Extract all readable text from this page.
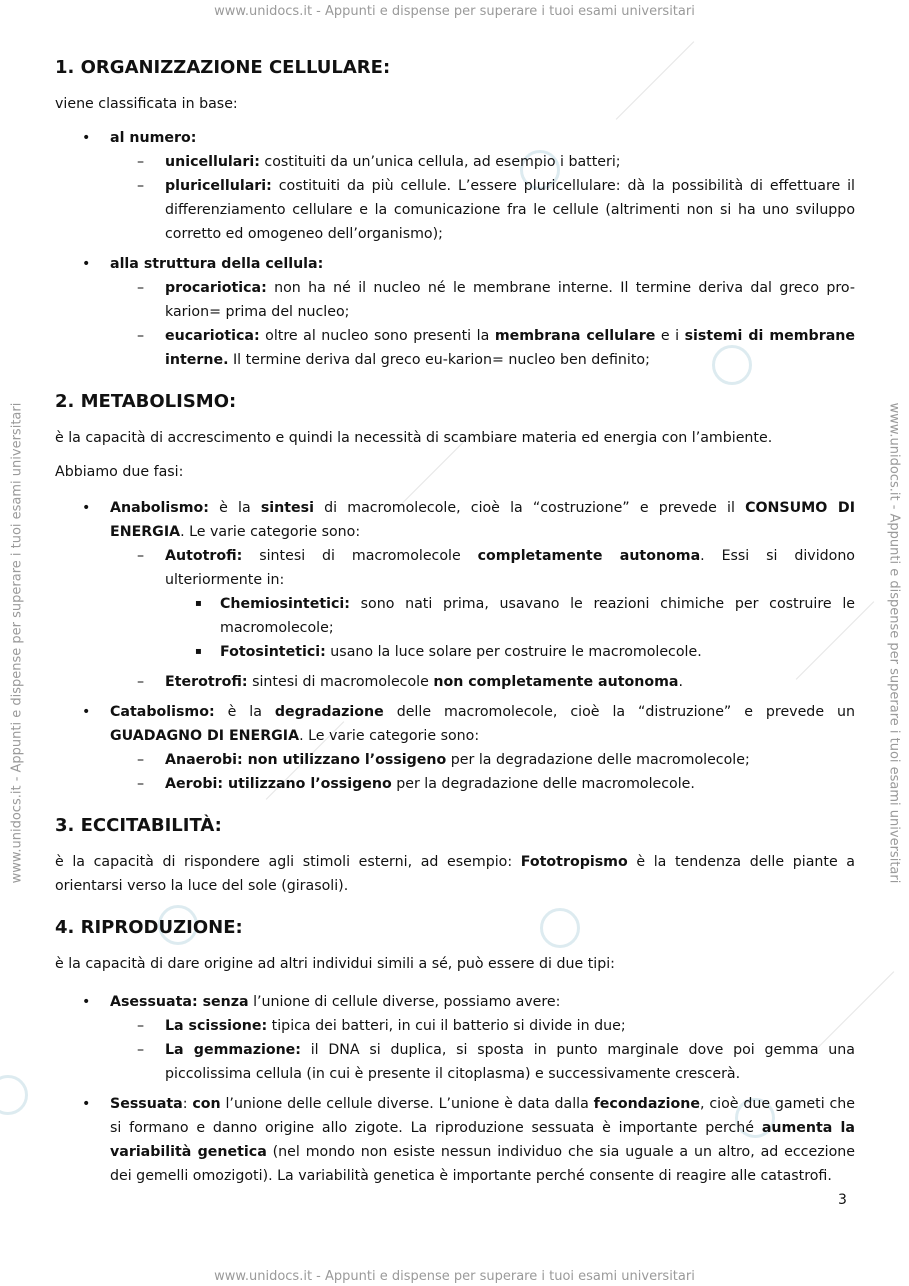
www.unidocs.it - Appunti e dispense per superare i tuoi esami universitari
www.unidocs.it - Appunti e dispense per superare i tuoi esami universitari
www.unidocs.it - Appunti e dispense per superare i tuoi esami universitari	www.unidocs.it - Appunti e dispense per superare i tuoi esami universitari
1. ORGANIZZAZIONE CELLULARE:

viene classificata in base:

• al numero:
– unicellulari: costituiti da un’unica cellula, ad esempio i batteri;
– pluricellulari: costituiti da più cellule. L’essere pluricellulare: dà la possibilità di effettuare il differenziamento cellulare e la comunicazione fra le cellule (altrimenti non si ha uno sviluppo corretto ed omogeneo dell’organismo);
• alla struttura della cellula:
– procariotica: non ha né il nucleo né le membrane interne. Il termine deriva dal greco pro-karion= prima del nucleo;
– eucariotica: oltre al nucleo sono presenti la membrana cellulare e i sistemi di membrane interne. Il termine deriva dal greco eu-karion= nucleo ben definito;
2. METABOLISMO:

è la capacità di accrescimento e quindi la necessità di scambiare materia ed energia con l’ambiente.

Abbiamo due fasi:

• Anabolismo: è la sintesi di macromolecole, cioè la “costruzione” e prevede il CONSUMO DI ENERGIA. Le varie categorie sono:
– Autotrofi: sintesi di macromolecole completamente autonoma. Essi si dividono ulteriormente in:
▪ Chemiosintetici: sono nati prima, usavano le reazioni chimiche per costruire le macromolecole;
▪ Fotosintetici: usano la luce solare per costruire le macromolecole.
– Eterotrofi: sintesi di macromolecole non completamente autonoma.
• Catabolismo: è la degradazione delle macromolecole, cioè la “distruzione” e prevede un GUADAGNO DI ENERGIA. Le varie categorie sono:
– Anaerobi: non utilizzano l’ossigeno per la degradazione delle macromolecole;
– Aerobi: utilizzano l’ossigeno per la degradazione delle macromolecole.
3. ECCITABILITÀ:

è la capacità di rispondere agli stimoli esterni, ad esempio: Fototropismo è la tendenza delle piante a orientarsi verso la luce del sole (girasoli).

4. RIPRODUZIONE:

è la capacità di dare origine ad altri individui simili a sé, può essere di due tipi:

• Asessuata: senza l’unione di cellule diverse, possiamo avere:
– La scissione: tipica dei batteri, in cui il batterio si divide in due;
– La gemmazione: il DNA si duplica, si sposta in punto marginale dove poi gemma una piccolissima cellula (in cui è presente il citoplasma) e successivamente crescerà.
• Sessuata: con l’unione delle cellule diverse. L’unione è data dalla fecondazione, cioè due gameti che si formano e danno origine allo zigote. La riproduzione sessuata è importante perché aumenta la variabilità genetica (nel mondo non esiste nessun individuo che sia uguale a un altro, ad eccezione dei gemelli omozigoti). La variabilità genetica è importante perché consente di reagire alle catastrofi.
3
